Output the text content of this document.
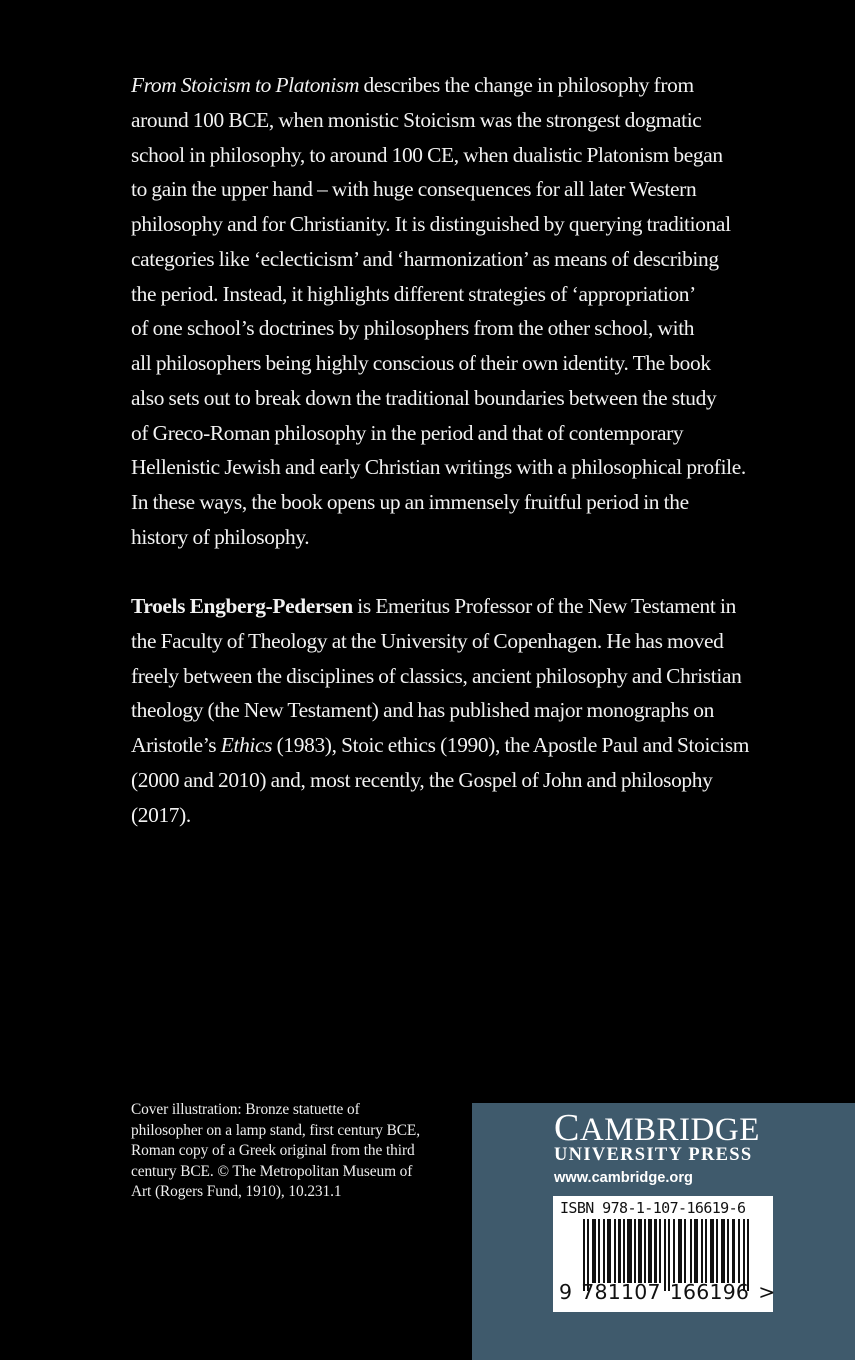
From Stoicism to Platonism describes the change in philosophy from
around 100 BCE, when monistic Stoicism was the strongest dogmatic
school in philosophy, to around 100 CE, when dualistic Platonism began
to gain the upper hand – with huge consequences for all later Western
philosophy and for Christianity. It is distinguished by querying traditional
categories like ‘eclecticism’ and ‘harmonization’ as means of describing
the period. Instead, it highlights different strategies of ‘appropriation’
of one school’s doctrines by philosophers from the other school, with
all philosophers being highly conscious of their own identity. The book
also sets out to break down the traditional boundaries between the study
of Greco-Roman philosophy in the period and that of contemporary
Hellenistic Jewish and early Christian writings with a philosophical profile.
In these ways, the book opens up an immensely fruitful period in the
history of philosophy.
Troels Engberg-Pedersen is Emeritus Professor of the New Testament in
the Faculty of Theology at the University of Copenhagen. He has moved
freely between the disciplines of classics, ancient philosophy and Christian
theology (the New Testament) and has published major monographs on
Aristotle’s Ethics (1983), Stoic ethics (1990), the Apostle Paul and Stoicism
(2000 and 2010) and, most recently, the Gospel of John and philosophy
(2017).
Cover illustration: Bronze statuette of
philosopher on a lamp stand, first century BCE,
Roman copy of a Greek original from the third
century BCE. © The Metropolitan Museum of
Art (Rogers Fund, 1910), 10.231.1
CAMBRIDGE
UNIVERSITY PRESS
www.cambridge.org
ISBN 978-1-107-16619-6
9 781107 166196 >
